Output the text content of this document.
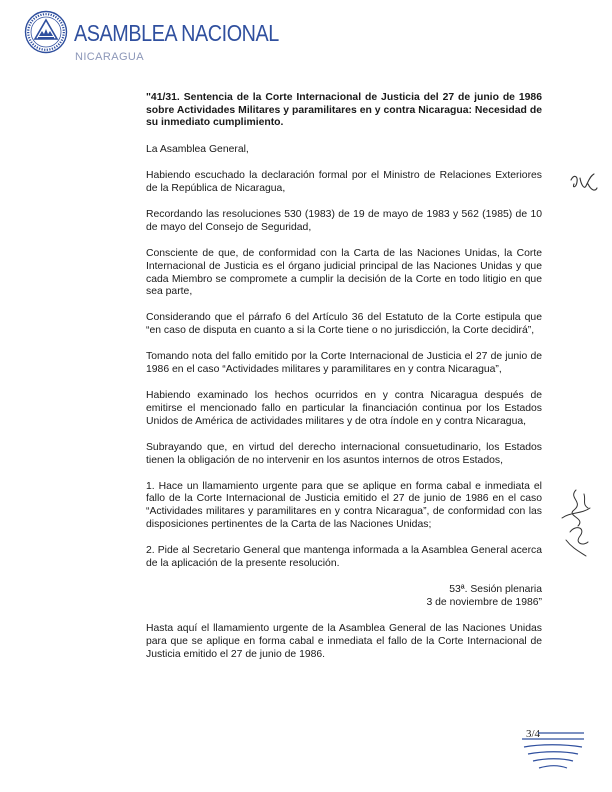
ASAMBLEA NACIONAL
NICARAGUA

"41/31. Sentencia de la Corte Internacional de Justicia del 27 de junio de 1986 sobre Actividades Militares y paramilitares en y contra Nicaragua: Necesidad de su inmediato cumplimiento.

La Asamblea General,

Habiendo escuchado la declaración formal por el Ministro de Relaciones Exteriores de la República de Nicaragua,

Recordando las resoluciones 530 (1983) de 19 de mayo de 1983 y 562 (1985) de 10 de mayo del Consejo de Seguridad,

Consciente de que, de conformidad con la Carta de las Naciones Unidas, la Corte Internacional de Justicia es el órgano judicial principal de las Naciones Unidas y que cada Miembro se compromete a cumplir la decisión de la Corte en todo litigio en que sea parte,

Considerando que el párrafo 6 del Artículo 36 del Estatuto de la Corte estipula que “en caso de disputa en cuanto a si la Corte tiene o no jurisdicción, la Corte decidirá”,

Tomando nota del fallo emitido por la Corte Internacional de Justicia el 27 de junio de 1986 en el caso “Actividades militares y paramilitares en y contra Nicaragua”,

Habiendo examinado los hechos ocurridos en y contra Nicaragua después de emitirse el mencionado fallo en particular la financiación continua por los Estados Unidos de América de actividades militares y de otra índole en y contra Nicaragua,

Subrayando que, en virtud del derecho internacional consuetudinario, los Estados tienen la obligación de no intervenir en los asuntos internos de otros Estados,

1. Hace un llamamiento urgente para que se aplique en forma cabal e inmediata el fallo de la Corte Internacional de Justicia emitido el 27 de junio de 1986 en el caso “Actividades militares y paramilitares en y contra Nicaragua”, de conformidad con las disposiciones pertinentes de la Carta de las Naciones Unidas;

2. Pide al Secretario General que mantenga informada a la Asamblea General acerca de la aplicación de la presente resolución.

53ª. Sesión plenaria
3 de noviembre de 1986”

Hasta aquí el llamamiento urgente de la Asamblea General de las Naciones Unidas para que se aplique en forma cabal e inmediata el fallo de la Corte Internacional de Justicia emitido el 27 de junio de 1986.

3/4
